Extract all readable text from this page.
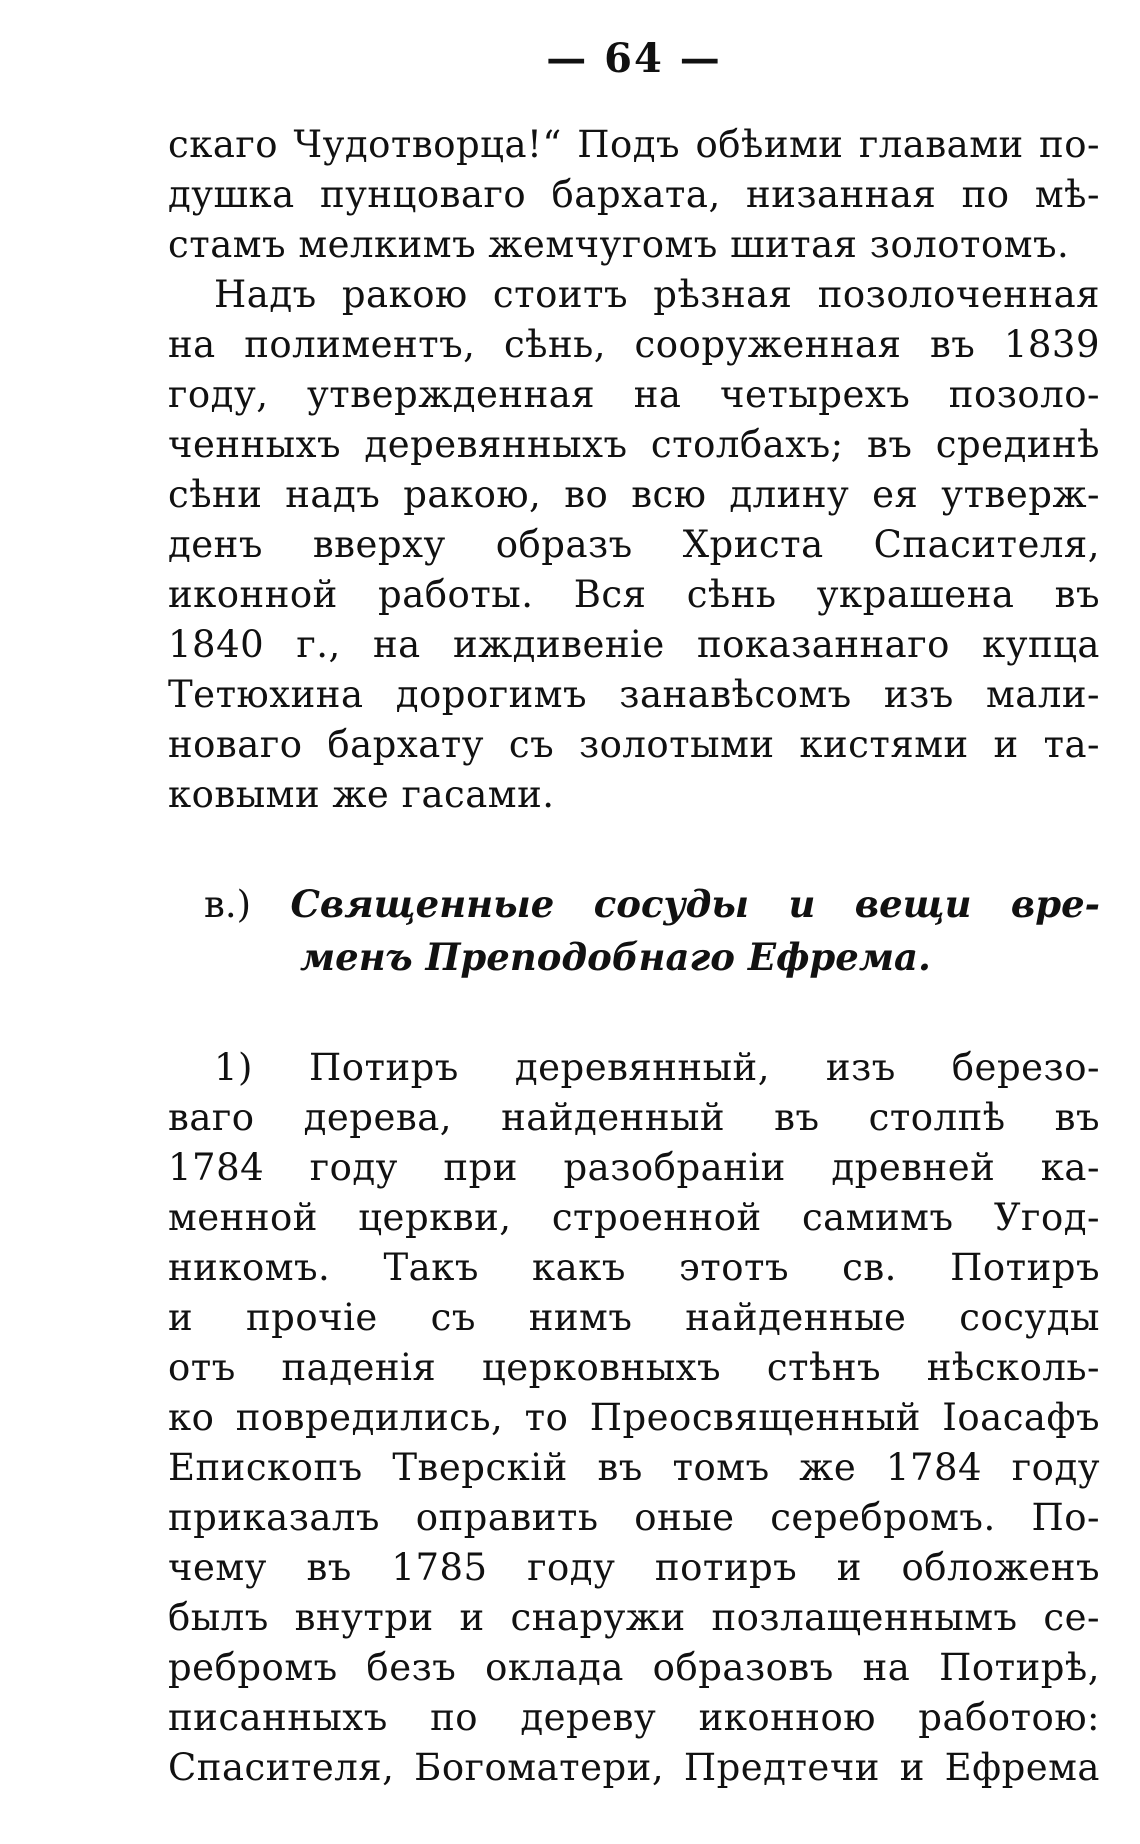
— 64 —
скаго Чудотворца!“ Подъ обѣими главами по-
душка пунцоваго бархата, низанная по мѣ-
стамъ мелкимъ жемчугомъ шитая золотомъ.
Надъ ракою стоитъ рѣзная позолоченная
на полиментъ, сѣнь, сооруженная въ 1839
году, утвержденная на четырехъ позоло-
ченныхъ деревянныхъ столбахъ; въ срединѣ
сѣни надъ ракою, во всю длину ея утверж-
денъ вверху образъ Христа Спасителя,
иконной работы. Вся сѣнь украшена въ
1840 г., на иждивеніе показаннаго купца
Тетюхина дорогимъ занавѣсомъ изъ мали-
новаго бархату съ золотыми кистями и та-
ковыми же гасами.
в.) Священные сосуды и вещи вре-
менъ Преподобнаго Ефрема.
1) Потиръ деревянный, изъ березо-
ваго дерева, найденный въ столпѣ въ
1784 году при разобраніи древней ка-
менной церкви, строенной самимъ Угод-
никомъ. Такъ какъ этотъ св. Потиръ
и прочіе съ нимъ найденные сосуды
отъ паденія церковныхъ стѣнъ нѣсколь-
ко повредились, то Преосвященный Іоасафъ
Епископъ Тверскій въ томъ же 1784 году
приказалъ оправить оные серебромъ. По-
чему въ 1785 году потиръ и обложенъ
былъ внутри и снаружи позлащеннымъ се-
ребромъ безъ оклада образовъ на Потирѣ,
писанныхъ по дереву иконною работою:
Спасителя, Богоматери, Предтечи и Ефрема
